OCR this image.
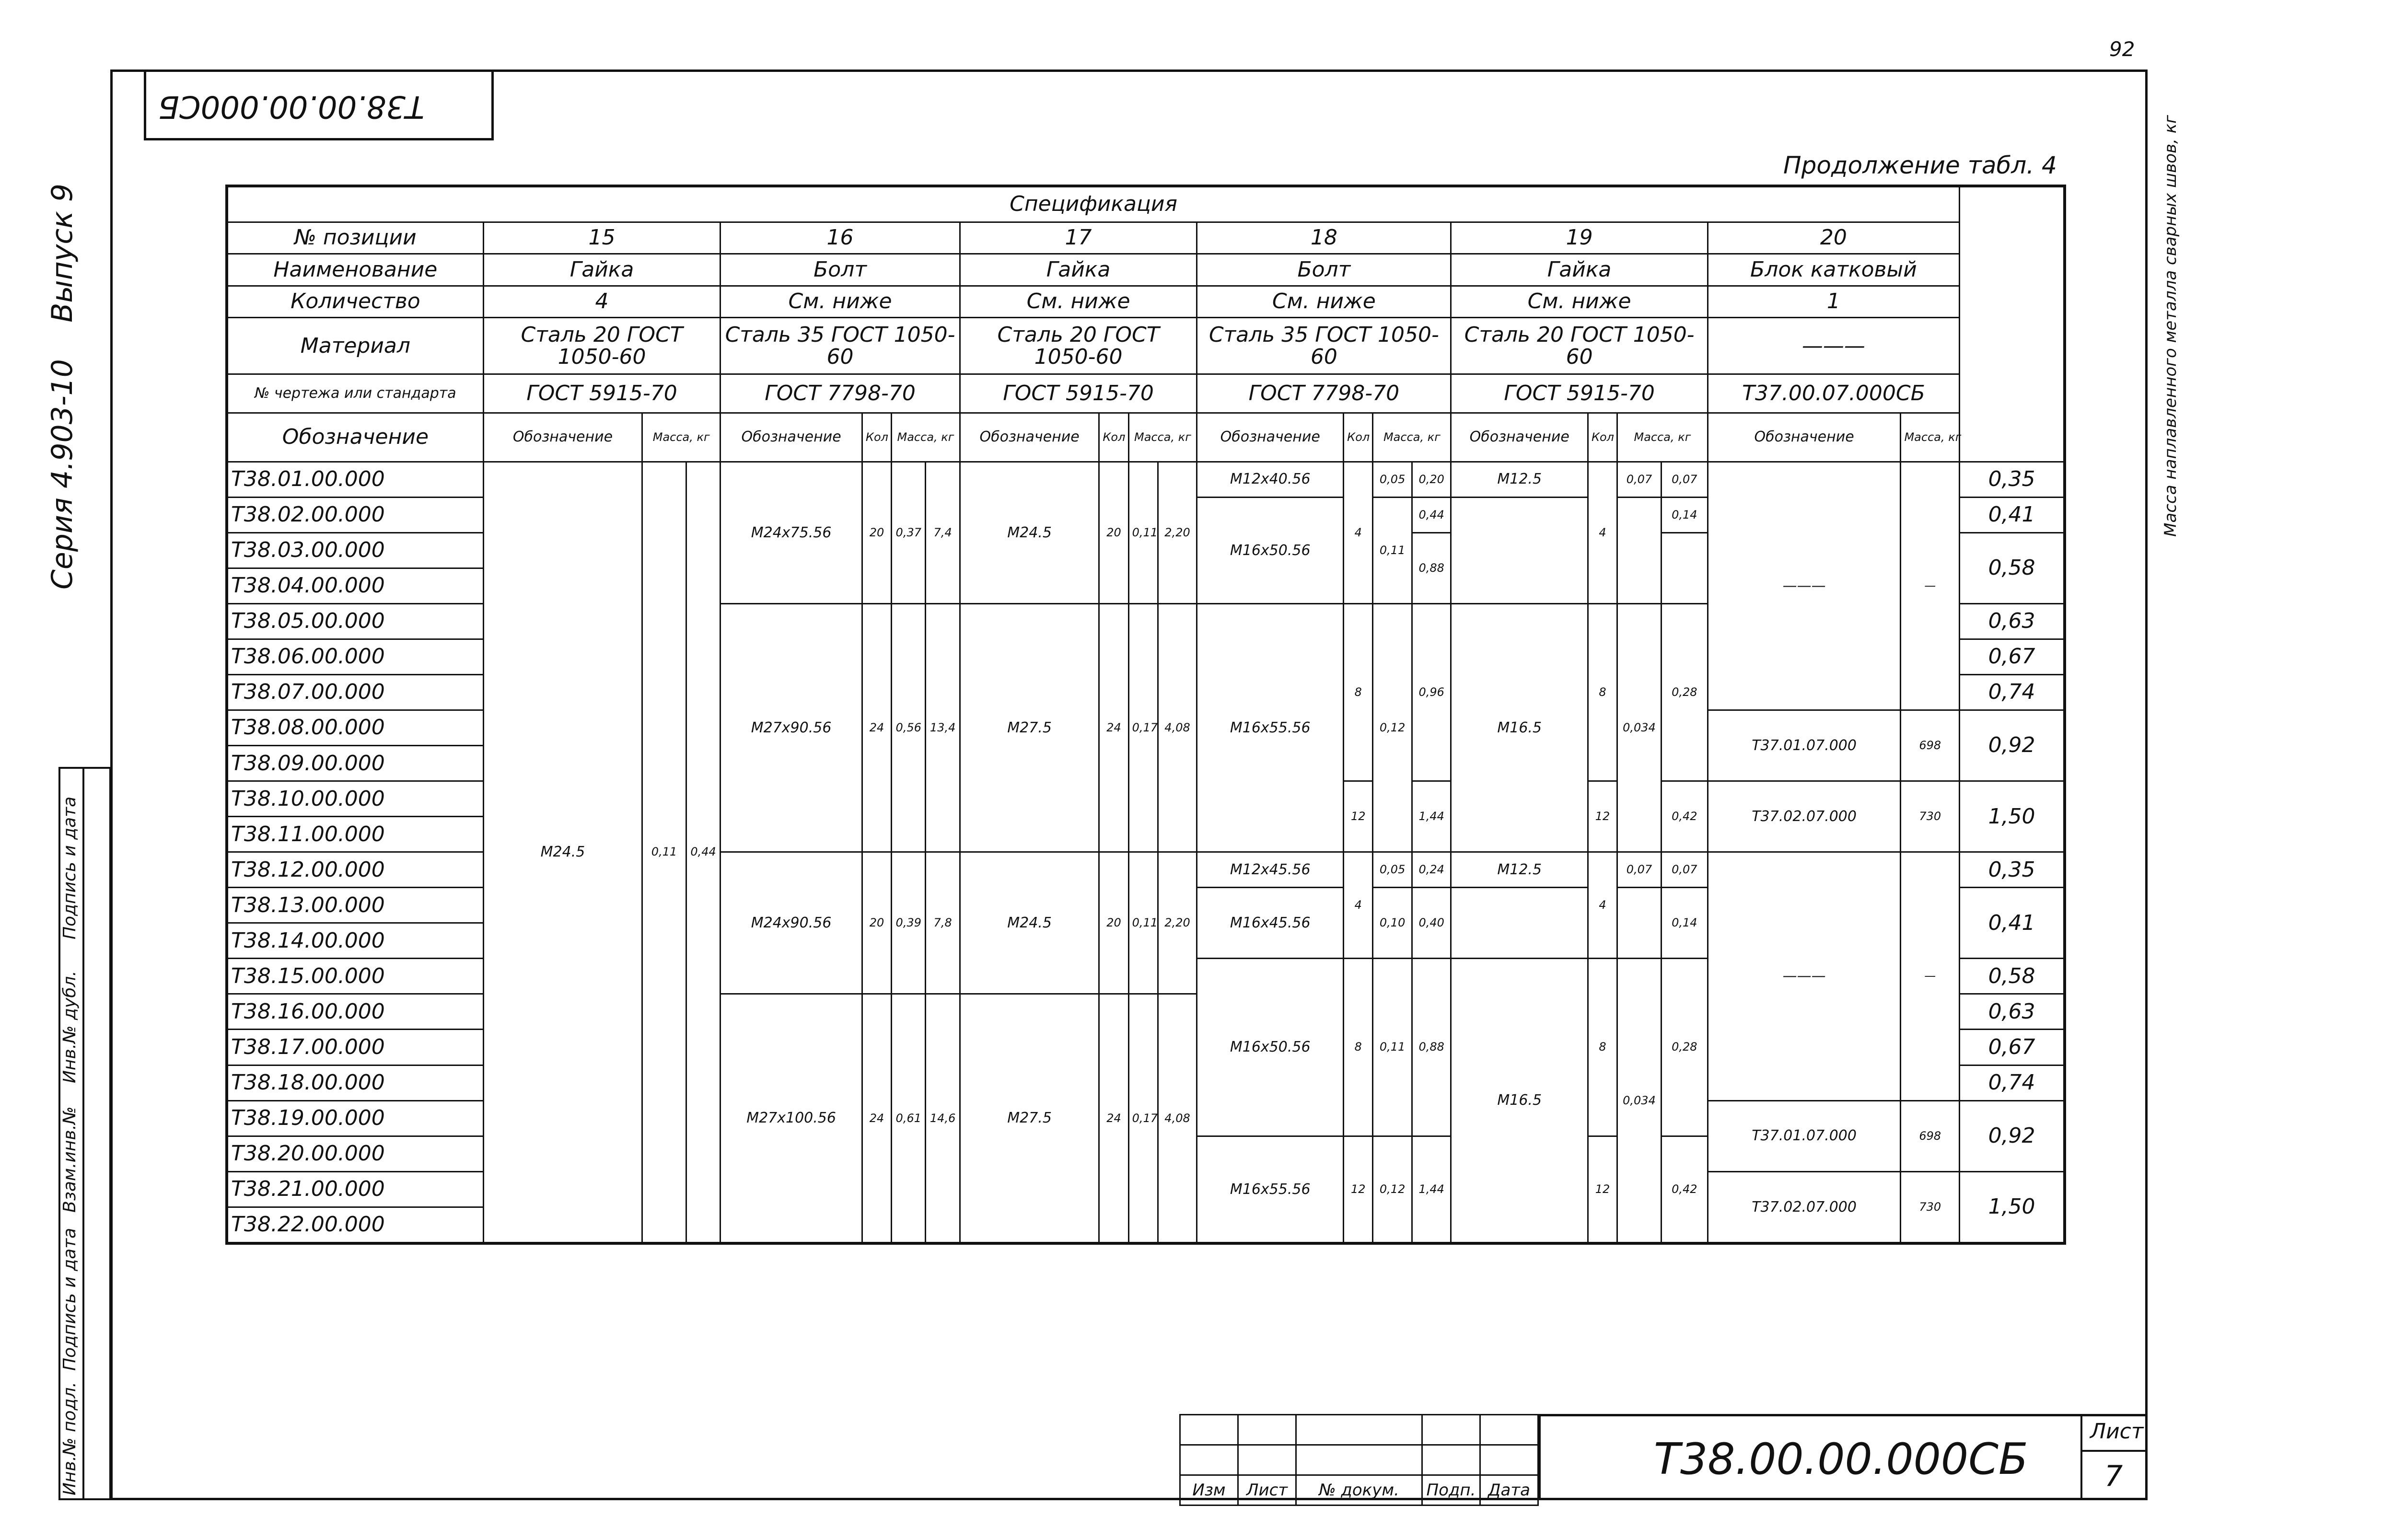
92
Т38.00.00.000СБ
Продолжение табл. 4
Серия 4.903-10    Выпуск 9
Инв.№ подл.Подпись и датаВзам.инв.№Инв.№ дубл.Подпись и дата
Спецификация																						Масса наплавленного металла сварных швов, кг
№ позиции	15			16				17				18				19				20		
Наименование	Гайка			Болт				Гайка				Болт				Гайка				Блок катковый		
Количество	4			См. ниже				См. ниже				См. ниже				См. ниже				1		
Материал	Сталь 20 ГОСТ 1050-60			Сталь 35 ГОСТ 1050-60				Сталь 20 ГОСТ 1050-60				Сталь 35 ГОСТ 1050-60				Сталь 20 ГОСТ 1050-60				———		
№ чертежа или стандарта	ГОСТ 5915-70			ГОСТ 7798-70				ГОСТ 5915-70				ГОСТ 7798-70				ГОСТ 5915-70				Т37.00.07.000СБ		
Обозначение	Обозначение	Масса, кг		Обозначение	Кол	Масса, кг		Обозначение	Кол	Масса, кг		Обозначение	Кол	Масса, кг		Обозначение	Кол	Масса, кг		Обозначение	Масса, кг	
Т38.01.00.000	М24.5	0,11	0,44	М24х75.56	20	0,37	7,4	М24.5	20	0,11	2,20	М12х40.56	4	0,05	0,20	М12.5	4	0,07	0,07	———	—	0,35
Т38.02.00.000												М16х50.56		0,11	0,44				0,14			0,41
Т38.03.00.000															0,88							0,58
Т38.04.00.000																						
Т38.05.00.000				М27х90.56	24	0,56	13,4	М27.5	24	0,17	4,08	М16х55.56	8	0,12	0,96	М16.5	8	0,034	0,28			0,63
Т38.06.00.000																						0,67
Т38.07.00.000																						0,74
Т38.08.00.000																				Т37.01.07.000	698	0,92
Т38.09.00.000																						
Т38.10.00.000													12		1,44		12		0,42	Т37.02.07.000	730	1,50
Т38.11.00.000																						
Т38.12.00.000				М24х90.56	20	0,39	7,8	М24.5	20	0,11	2,20	М12х45.56	4	0,05	0,24	М12.5	4	0,07	0,07	———	—	0,35
Т38.13.00.000												М16х45.56		0,10	0,40				0,14			0,41
Т38.14.00.000																						
Т38.15.00.000												М16х50.56	8	0,11	0,88	М16.5	8	0,034	0,28			0,58
Т38.16.00.000				М27х100.56	24	0,61	14,6	М27.5	24	0,17	4,08											0,63
Т38.17.00.000																						0,67
Т38.18.00.000																						0,74
Т38.19.00.000																				Т37.01.07.000	698	0,92
Т38.20.00.000												М16х55.56	12	0,12	1,44		12		0,42			
Т38.21.00.000																				Т37.02.07.000	730	1,50
Т38.22.00.000																						

Изм	Лист	№ докум.	Подп.	Дата
Т38.00.00.000СБ
Лист
7
